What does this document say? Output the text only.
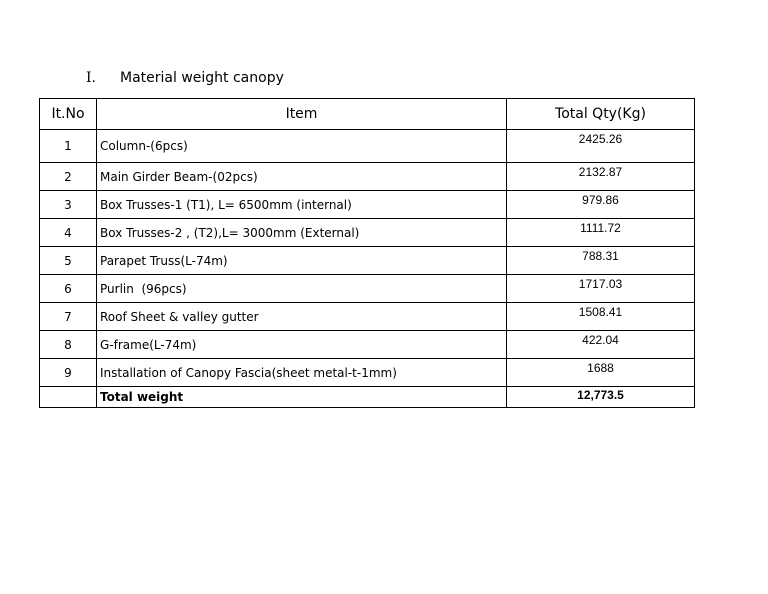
I. Material weight canopy
It.No	Item	Total Qty(Kg)
1	Column-(6pcs)	2425.26
2	Main Girder Beam-(02pcs)	2132.87
3	Box Trusses-1 (T1), L= 6500mm (internal)	979.86
4	Box Trusses-2 , (T2),L= 3000mm (External)	1111.72
5	Parapet Truss(L-74m)	788.31
6	Purlin  (96pcs)	1717.03
7	Roof Sheet & valley gutter	1508.41
8	G-frame(L-74m)	422.04
9	Installation of Canopy Fascia(sheet metal-t-1mm)	1688
	Total weight	12,773.5
